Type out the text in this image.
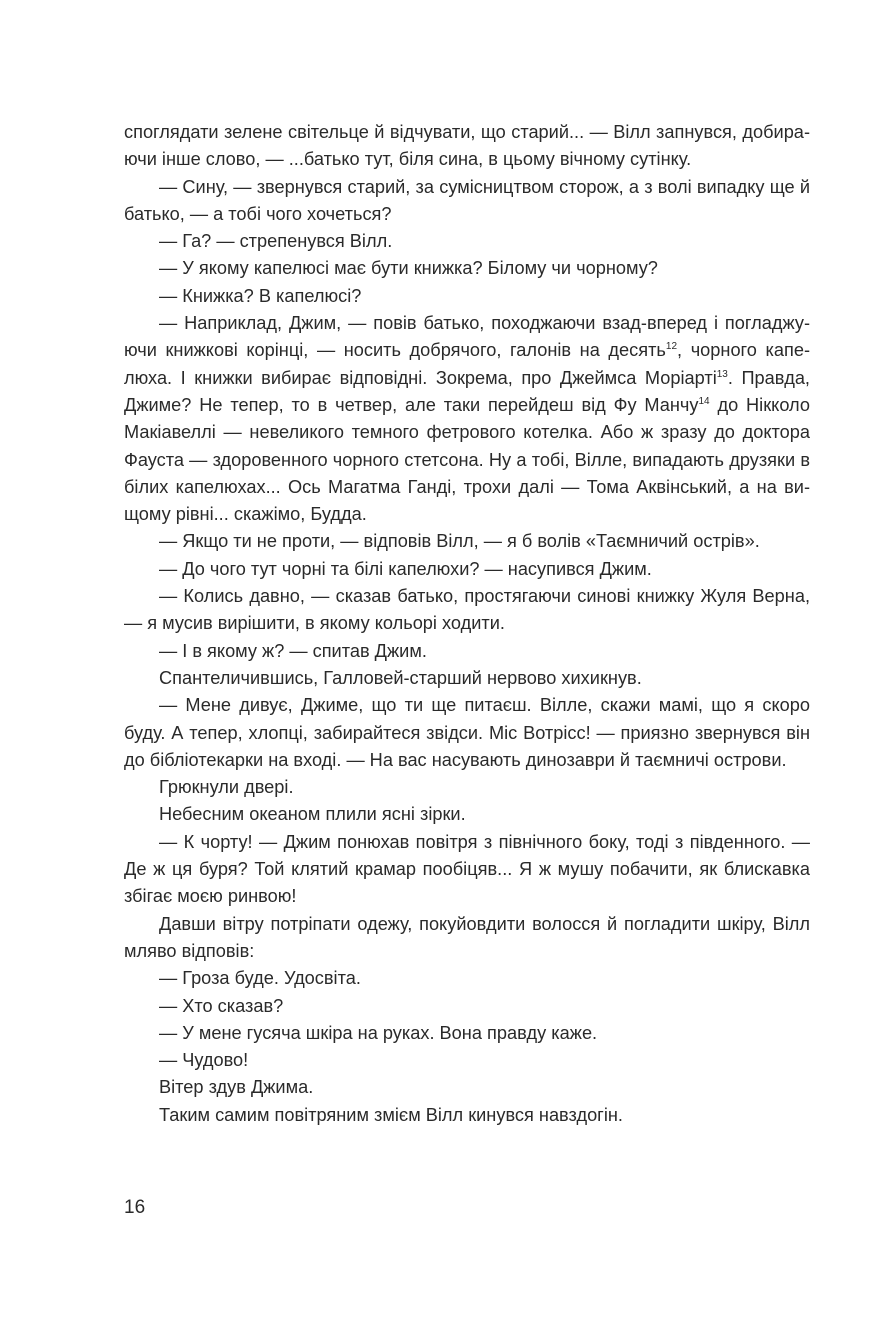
споглядати зелене світельце й відчувати, що старий... — Вілл запнувся, добираючи інше слово, — ...батько тут, біля сина, в цьому вічному сутінку.

— Сину, — звернувся старий, за сумісництвом сторож, а з волі випадку ще й батько, — а тобі чого хочеться?

— Га? — стрепенувся Вілл.

— У якому капелюсі має бути книжка? Білому чи чорному?

— Книжка? В капелюсі?

— Наприклад, Джим, — повів батько, походжаючи взад-вперед і погладжуючи книжкові корінці, — носить добрячого, галонів на десять$^{12}$, чорного капелюха. І книжки вибирає відповідні. Зокрема, про Джеймса Моріарті$^{13}$. Правда, Джиме? Не тепер, то в четвер, але таки перейдеш від Фу Манчу$^{14}$ до Нікколо Макіавеллі — невеликого темного фетрового котелка. Або ж зразу до доктора Фауста — здоровенного чорного стетсона. Ну а тобі, Вілле, випадають друзяки в білих капелюхах... Ось Магатма Ганді, трохи далі — Тома Аквінський, а на вищому рівні... скажімо, Будда.

— Якщо ти не проти, — відповів Вілл, — я б волів «Таємничий острів».

— До чого тут чорні та білі капелюхи? — насупився Джим.

— Колись давно, — сказав батько, простягаючи синові книжку Жуля Верна, — я мусив вирішити, в якому кольорі ходити.

— І в якому ж? — спитав Джим.

Спантеличившись, Галловей-старший нервово хихикнув.

— Мене дивує, Джиме, що ти ще питаєш. Вілле, скажи мамі, що я скоро буду. А тепер, хлопці, забирайтеся звідси. Міс Вотрісс! — приязно звернувся він до бібліотекарки на вході. — На вас насувають динозаври й таємничі острови.

Грюкнули двері.

Небесним океаном плили ясні зірки.

— К чорту! — Джим понюхав повітря з північного боку, тоді з південного. — Де ж ця буря? Той клятий крамар пообіцяв... Я ж мушу побачити, як блискавка збігає моєю ринвою!

Давши вітру потріпати одежу, покуйовдити волосся й погладити шкіру, Вілл мляво відповів:

— Гроза буде. Удосвіта.

— Хто сказав?

— У мене гусяча шкіра на руках. Вона правду каже.

— Чудово!

Вітер здув Джима.

Таким самим повітряним змієм Вілл кинувся навздогін.

16
